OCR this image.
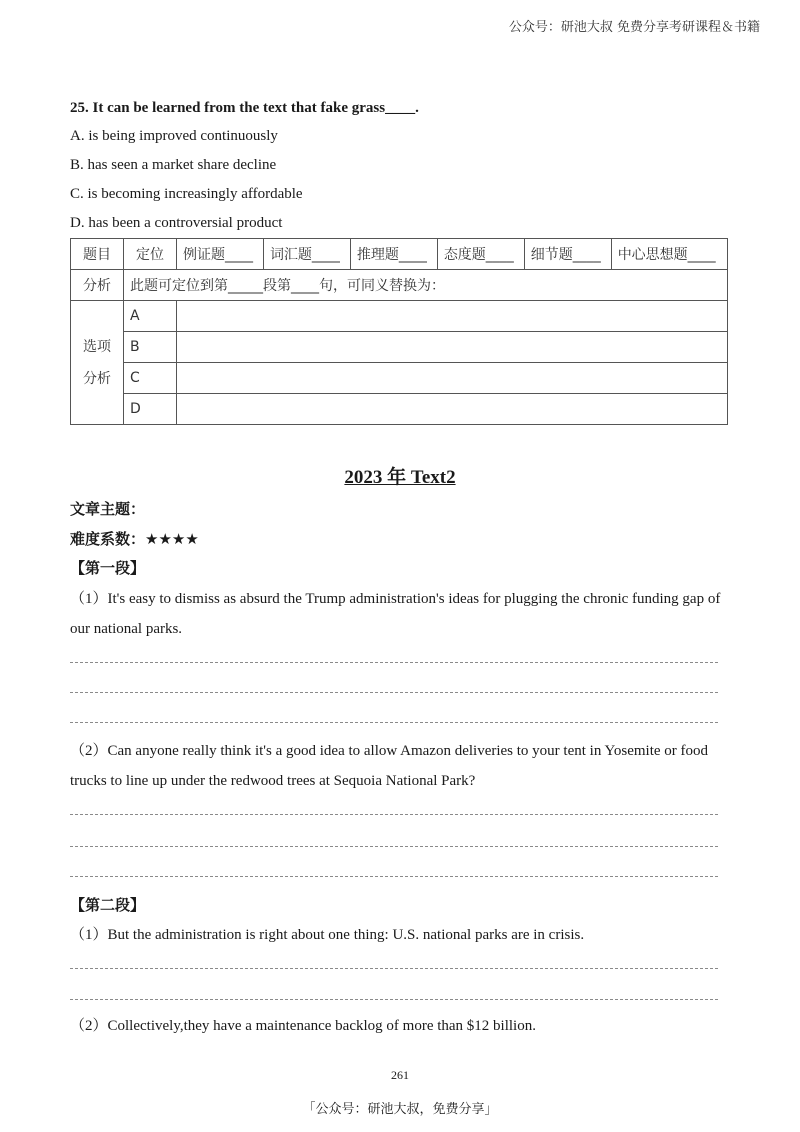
公众号：研池大叔 免费分享考研课程＆书籍
25. It can be learned from the text that fake grass____.
A. is being improved continuously
B. has seen a market share decline
C. is becoming increasingly affordable
D. has been a controversial product
题目	定位	例证题____	词汇题____	推理题____	态度题____	细节题____	中心思想题____
分析	此题可定位到第_____段第____句，可同义替换为：						

选项
分析	A						
	B						
	C						
	D						
2023 年 Text2
文章主题：
难度系数：★★★★
【第一段】
（1）It's easy to dismiss as absurd the Trump administration's ideas for plugging the chronic funding gap of our national parks.
（2）Can anyone really think it's a good idea to allow Amazon deliveries to your tent in Yosemite or food trucks to line up under the redwood trees at Sequoia National Park?
【第二段】
（1）But the administration is right about one thing: U.S. national parks are in crisis.
（2）Collectively,they have a maintenance backlog of more than $12 billion.
261
「公众号：研池大叔，免费分享」
